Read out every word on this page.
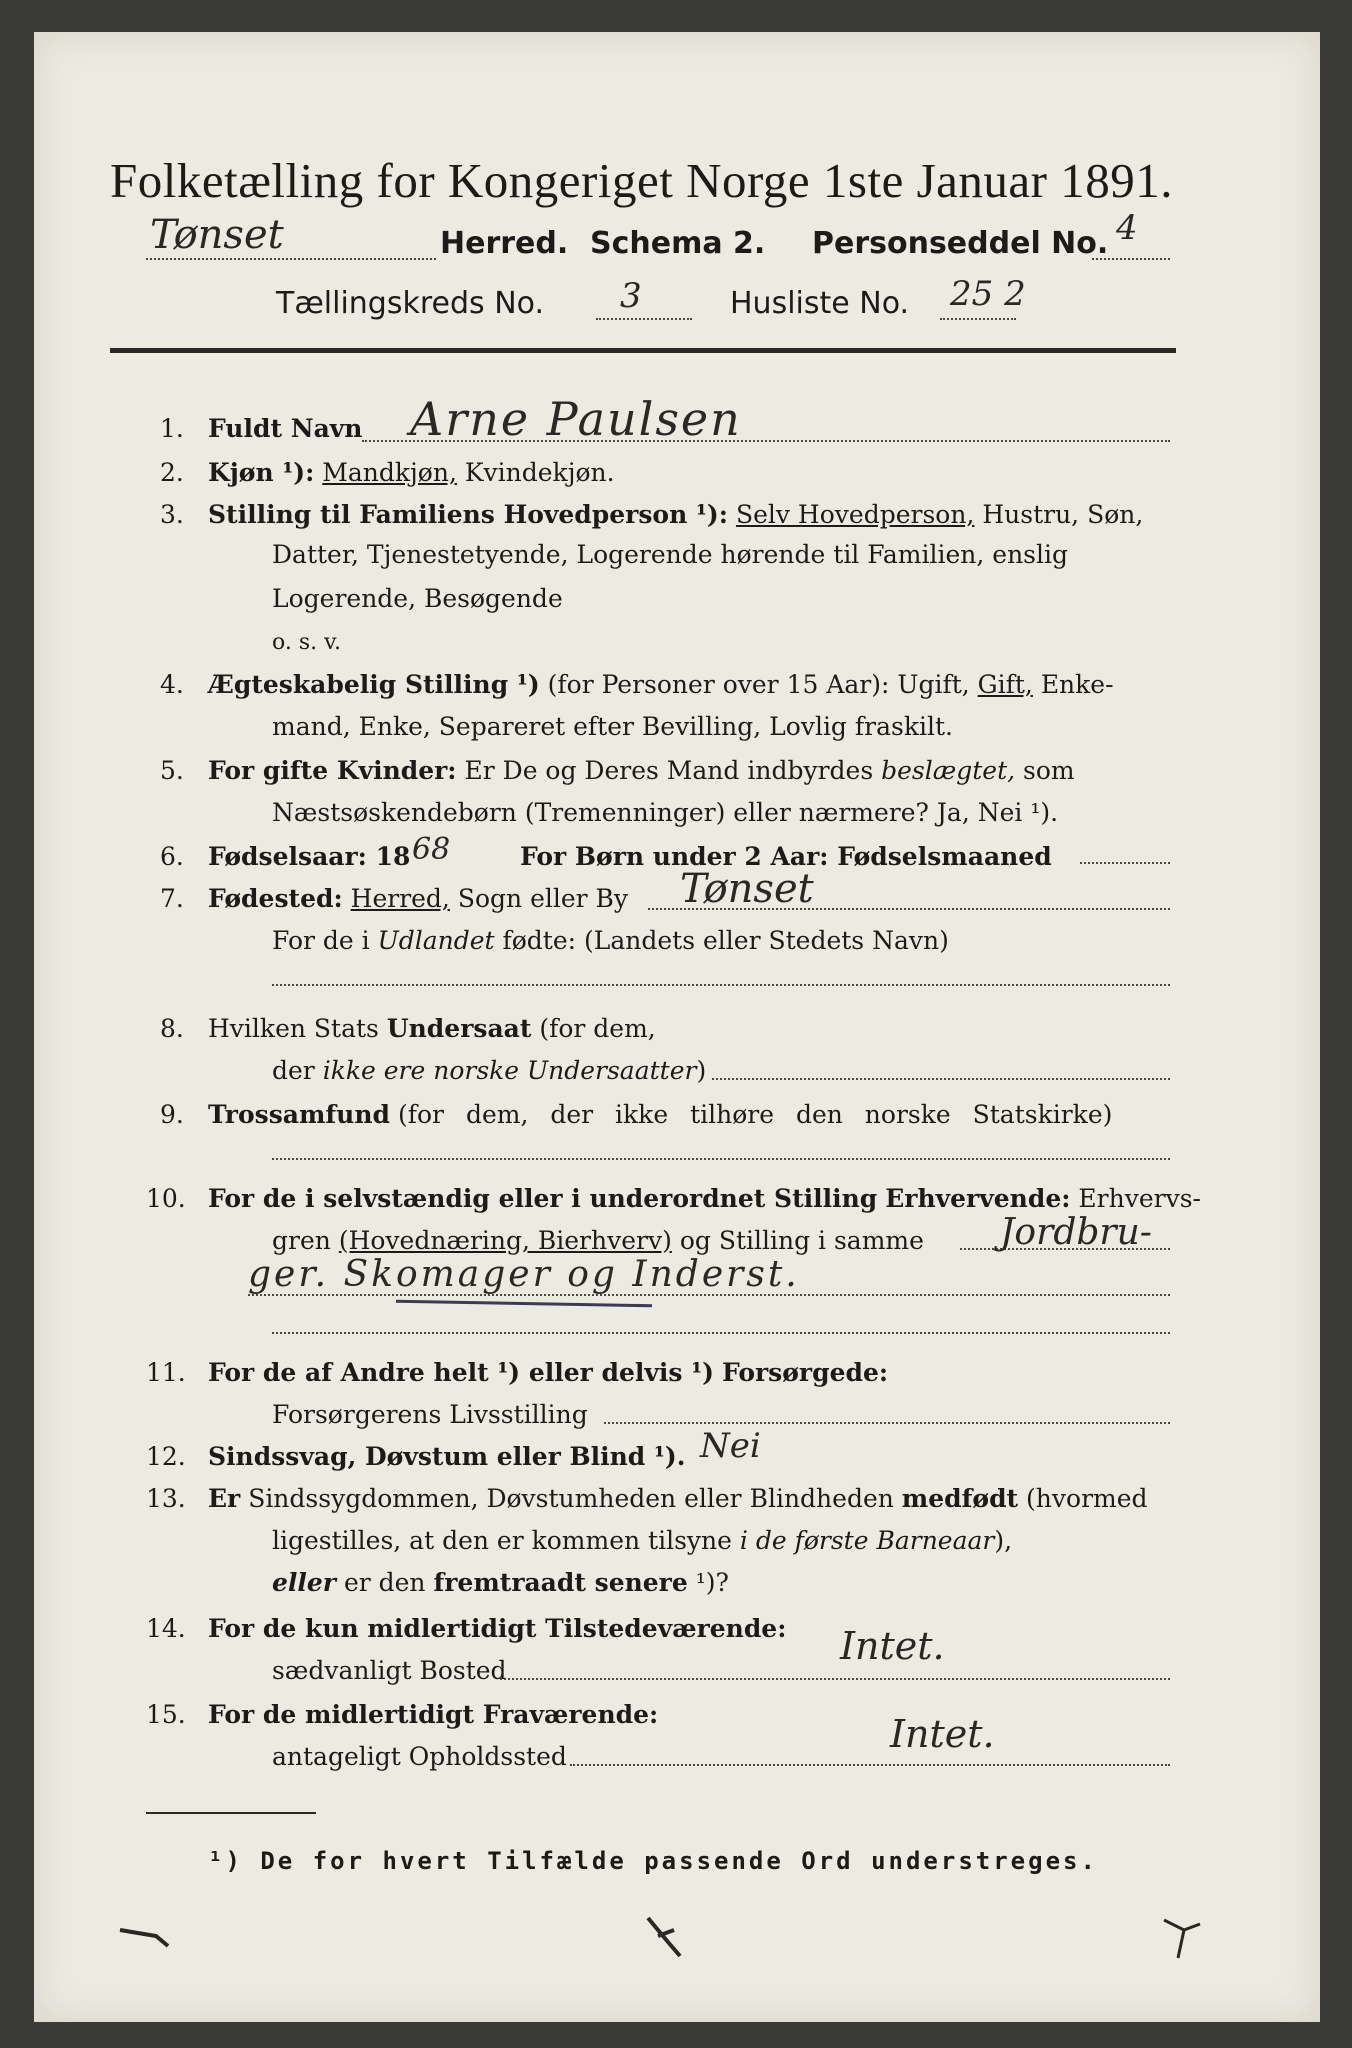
Folketælling for Kongeriget Norge 1ste Januar 1891.
Tønset	Herred. Schema 2. Personseddel No. 4
Tællingskreds No. 3	Husliste No. 25 2
1. Fuldt Navn Arne Paulsen
2. Kjøn ¹): Mandkjøn, Kvindekjøn.
3. Stilling til Familiens Hovedperson ¹): Selv Hovedperson, Hustru, Søn,
Datter, Tjenestetyende, Logerende hørende til Familien, enslig
Logerende, Besøgende
o. s. v.
4. Ægteskabelig Stilling ¹) (for Personer over 15 Aar): Ugift, Gift, Enke-
mand, Enke, Separeret efter Bevilling, Lovlig fraskilt.
5. For gifte Kvinder: Er De og Deres Mand indbyrdes beslægtet, som
Næstsøskendebørn (Tremenninger) eller nærmere? Ja, Nei ¹).
6. Fødselsaar: 18 68	For Børn under 2 Aar: Fødselsmaaned
7. Fødested: Herred, Sogn eller By Tønset
For de i Udlandet fødte: (Landets eller Stedets Navn)
8. Hvilken Stats Undersaat (for dem,
der ikke ere norske Undersaatter)
9. Trossamfund (for dem, der ikke tilhøre den norske Statskirke)
10. For de i selvstændig eller i underordnet Stilling Erhvervende: Erhvervs-
gren (Hovednæring, Bierhverv) og Stilling i samme Jordbru-
ger. Skomager og Inderst.
11. For de af Andre helt ¹) eller delvis ¹) Forsørgede:
Forsørgerens Livsstilling
12. Sindssvag, Døvstum eller Blind ¹). Nei
13. Er Sindssygdommen, Døvstumheden eller Blindheden medfødt (hvormed
ligestilles, at den er kommen tilsyne i de første Barneaar),
eller er den fremtraadt senere ¹)?
14. For de kun midlertidigt Tilstedeværende:
sædvanligt Bosted
Intet.
15. For de midlertidigt Fraværende:
antageligt Opholdssted
Intet.
¹) De for hvert Tilfælde passende Ord understreges.
